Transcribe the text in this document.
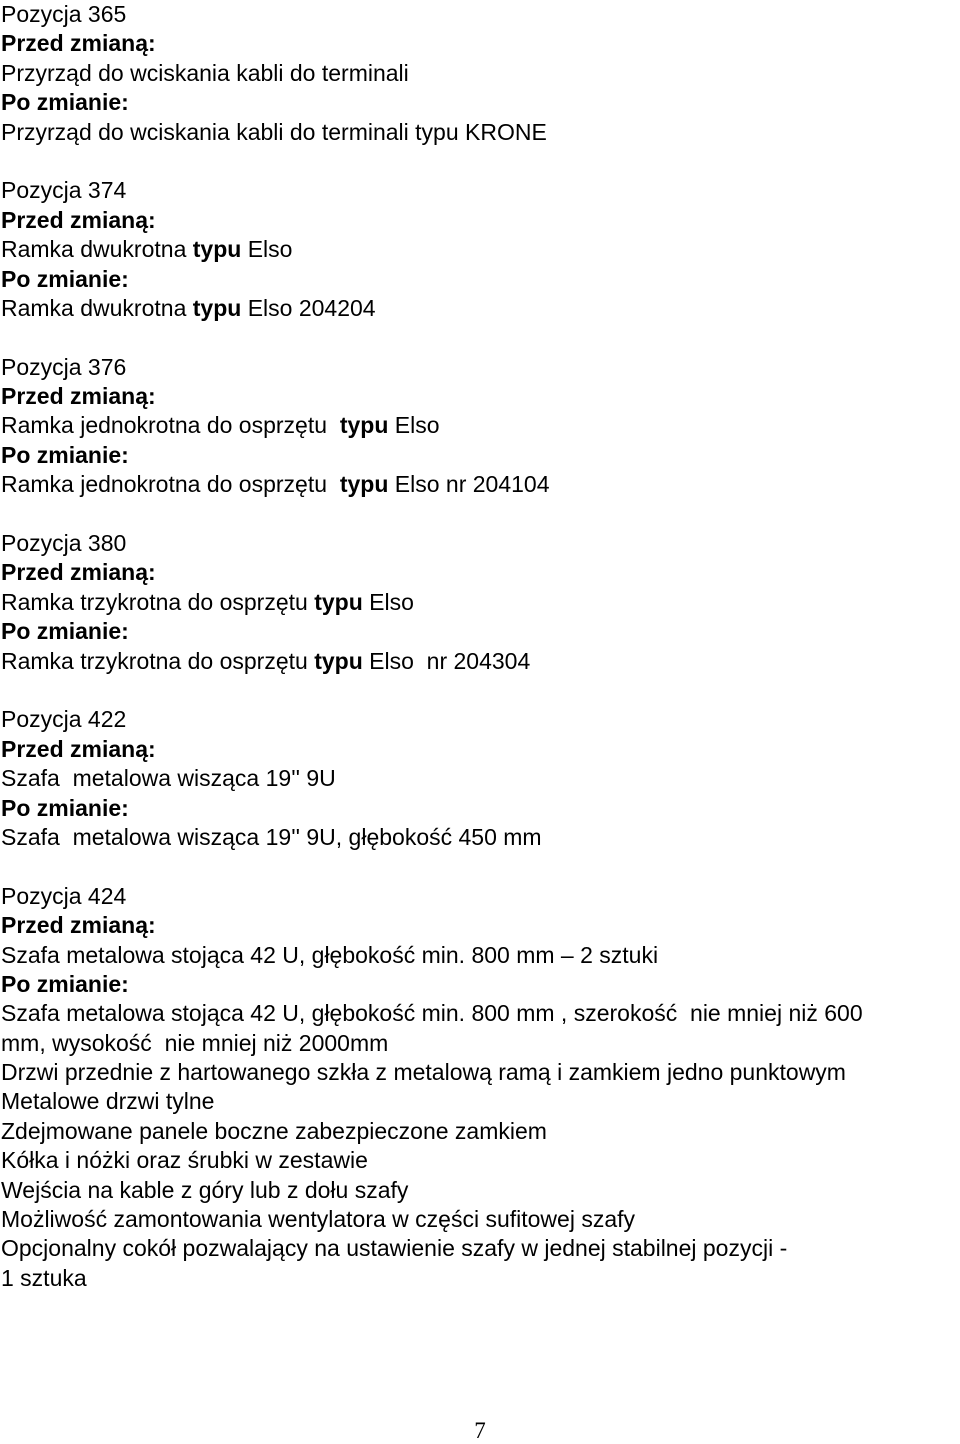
Pozycja 365
Przed zmianą:
Przyrząd do wciskania kabli do terminali
Po zmianie:
Przyrząd do wciskania kabli do terminali typu KRONE
Pozycja 374
Przed zmianą:
Ramka dwukrotna typu Elso
Po zmianie:
Ramka dwukrotna typu Elso 204204
Pozycja 376
Przed zmianą:
Ramka jednokrotna do osprzętu  typu Elso
Po zmianie:
Ramka jednokrotna do osprzętu  typu Elso nr 204104
Pozycja 380
Przed zmianą:
Ramka trzykrotna do osprzętu typu Elso
Po zmianie:
Ramka trzykrotna do osprzętu typu Elso  nr 204304
Pozycja 422
Przed zmianą:
Szafa  metalowa wisząca 19'' 9U
Po zmianie:
Szafa  metalowa wisząca 19'' 9U, głębokość 450 mm
Pozycja 424
Przed zmianą:
Szafa metalowa stojąca 42 U, głębokość min. 800 mm – 2 sztuki
Po zmianie:
Szafa metalowa stojąca 42 U, głębokość min. 800 mm , szerokość  nie mniej niż 600
mm, wysokość  nie mniej niż 2000mm
Drzwi przednie z hartowanego szkła z metalową ramą i zamkiem jedno punktowym
Metalowe drzwi tylne
Zdejmowane panele boczne zabezpieczone zamkiem
Kółka i nóżki oraz śrubki w zestawie
Wejścia na kable z góry lub z dołu szafy
Możliwość zamontowania wentylatora w części sufitowej szafy
Opcjonalny cokół pozwalający na ustawienie szafy w jednej stabilnej pozycji -
1 sztuka
7
